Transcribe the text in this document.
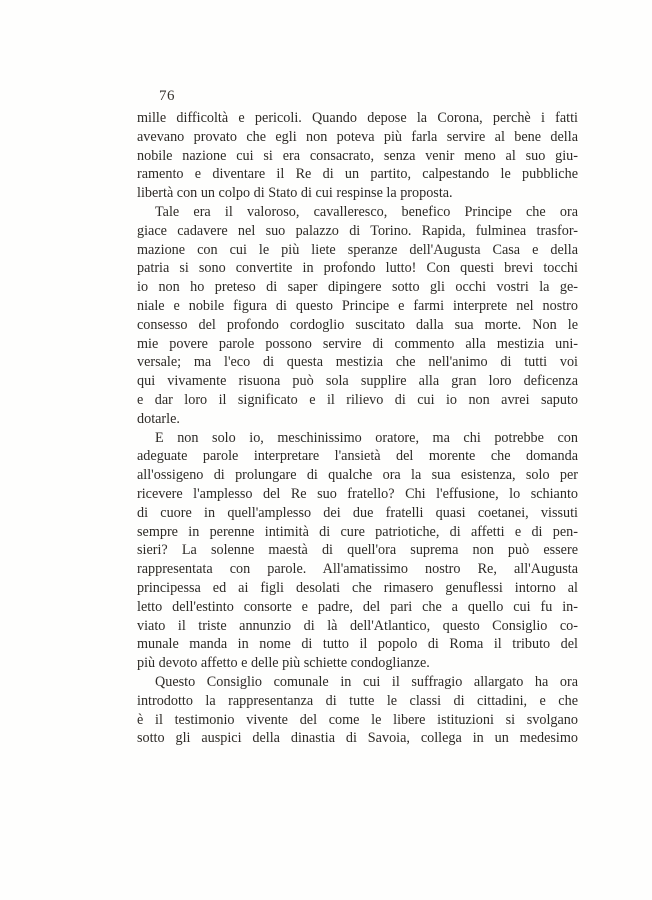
76
mille difficoltà e pericoli. Quando depose la Corona, perchè i fatti
avevano provato che egli non poteva più farla servire al bene della
nobile nazione cui si era consacrato, senza venir meno al suo giu-
ramento e diventare il Re di un partito, calpestando le pubbliche
libertà con un colpo di Stato di cui respinse la proposta.
Tale era il valoroso, cavalleresco, benefico Principe che ora
giace cadavere nel suo palazzo di Torino. Rapida, fulminea trasfor-
mazione con cui le più liete speranze dell'Augusta Casa e della
patria si sono convertite in profondo lutto! Con questi brevi tocchi
io non ho preteso di saper dipingere sotto gli occhi vostri la ge-
niale e nobile figura di questo Principe e farmi interprete nel nostro
consesso del profondo cordoglio suscitato dalla sua morte. Non le
mie povere parole possono servire di commento alla mestizia uni-
versale; ma l'eco di questa mestizia che nell'animo di tutti voi
qui vivamente risuona può sola supplire alla gran loro deficenza
e dar loro il significato e il rilievo di cui io non avrei saputo
dotarle.
E non solo io, meschinissimo oratore, ma chi potrebbe con
adeguate parole interpretare l'ansietà del morente che domanda
all'ossigeno di prolungare di qualche ora la sua esistenza, solo per
ricevere l'amplesso del Re suo fratello? Chi l'effusione, lo schianto
di cuore in quell'amplesso dei due fratelli quasi coetanei, vissuti
sempre in perenne intimità di cure patriotiche, di affetti e di pen-
sieri? La solenne maestà di quell'ora suprema non può essere
rappresentata con parole. All'amatissimo nostro Re, all'Augusta
principessa ed ai figli desolati che rimasero genuflessi intorno al
letto dell'estinto consorte e padre, del pari che a quello cui fu in-
viato il triste annunzio di là dell'Atlantico, questo Consiglio co-
munale manda in nome di tutto il popolo di Roma il tributo del
più devoto affetto e delle più schiette condoglianze.
Questo Consiglio comunale in cui il suffragio allargato ha ora
introdotto la rappresentanza di tutte le classi di cittadini, e che
è il testimonio vivente del come le libere istituzioni si svolgano
sotto gli auspici della dinastia di Savoia, collega in un medesimo
